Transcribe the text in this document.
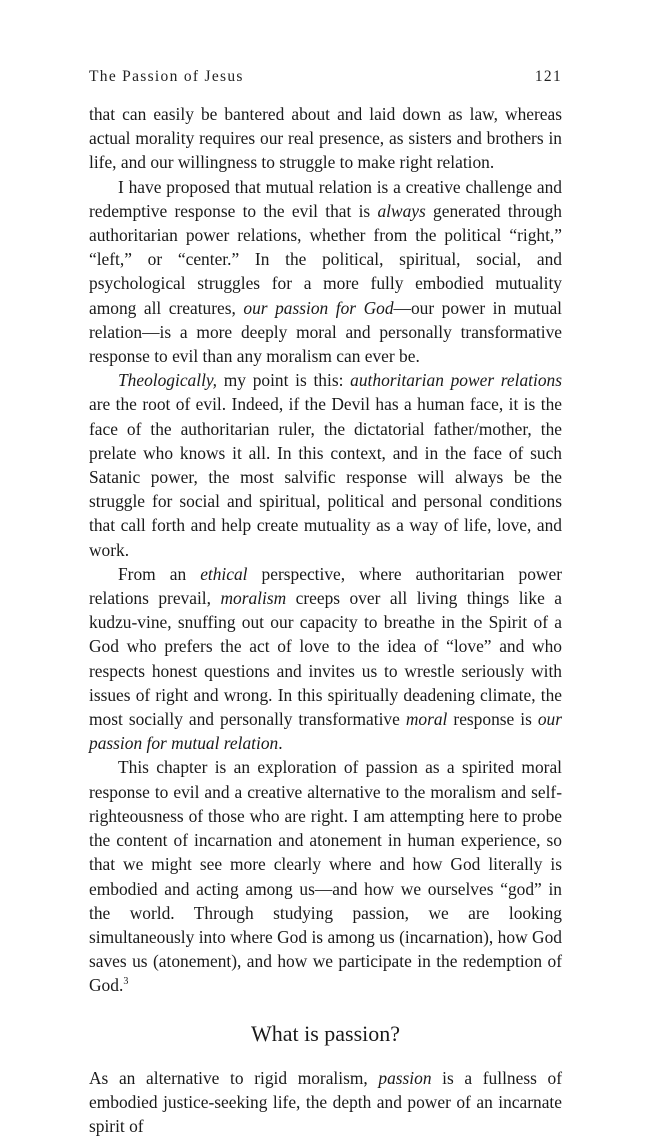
The Passion of Jesus	121

that can easily be bantered about and laid down as law, whereas actual morality requires our real presence, as sisters and brothers in life, and our willingness to struggle to make right relation.

I have proposed that mutual relation is a creative challenge and redemptive response to the evil that is always generated through authoritarian power relations, whether from the political “right,” “left,” or “center.” In the political, spiritual, social, and psychological struggles for a more fully embodied mutuality among all creatures, our passion for God—our power in mutual relation—is a more deeply moral and personally transformative response to evil than any moralism can ever be.

Theologically, my point is this: authoritarian power relations are the root of evil. Indeed, if the Devil has a human face, it is the face of the authoritarian ruler, the dictatorial father/mother, the prelate who knows it all. In this context, and in the face of such Satanic power, the most salvific response will always be the struggle for social and spiritual, political and personal conditions that call forth and help create mutuality as a way of life, love, and work.

From an ethical perspective, where authoritarian power relations prevail, moralism creeps over all living things like a kudzu-vine, snuffing out our capacity to breathe in the Spirit of a God who prefers the act of love to the idea of “love” and who respects honest questions and invites us to wrestle seriously with issues of right and wrong. In this spiritually deadening climate, the most socially and personally transformative moral response is our passion for mutual relation.

This chapter is an exploration of passion as a spirited moral response to evil and a creative alternative to the moralism and self-righteousness of those who are right. I am attempting here to probe the content of incarnation and atonement in human experience, so that we might see more clearly where and how God literally is embodied and acting among us—and how we ourselves “god” in the world. Through studying passion, we are looking simultaneously into where God is among us (incarnation), how God saves us (atonement), and how we participate in the redemption of God.$^3$

What is passion?

As an alternative to rigid moralism, passion is a fullness of embodied justice-seeking life, the depth and power of an incarnate spirit of
